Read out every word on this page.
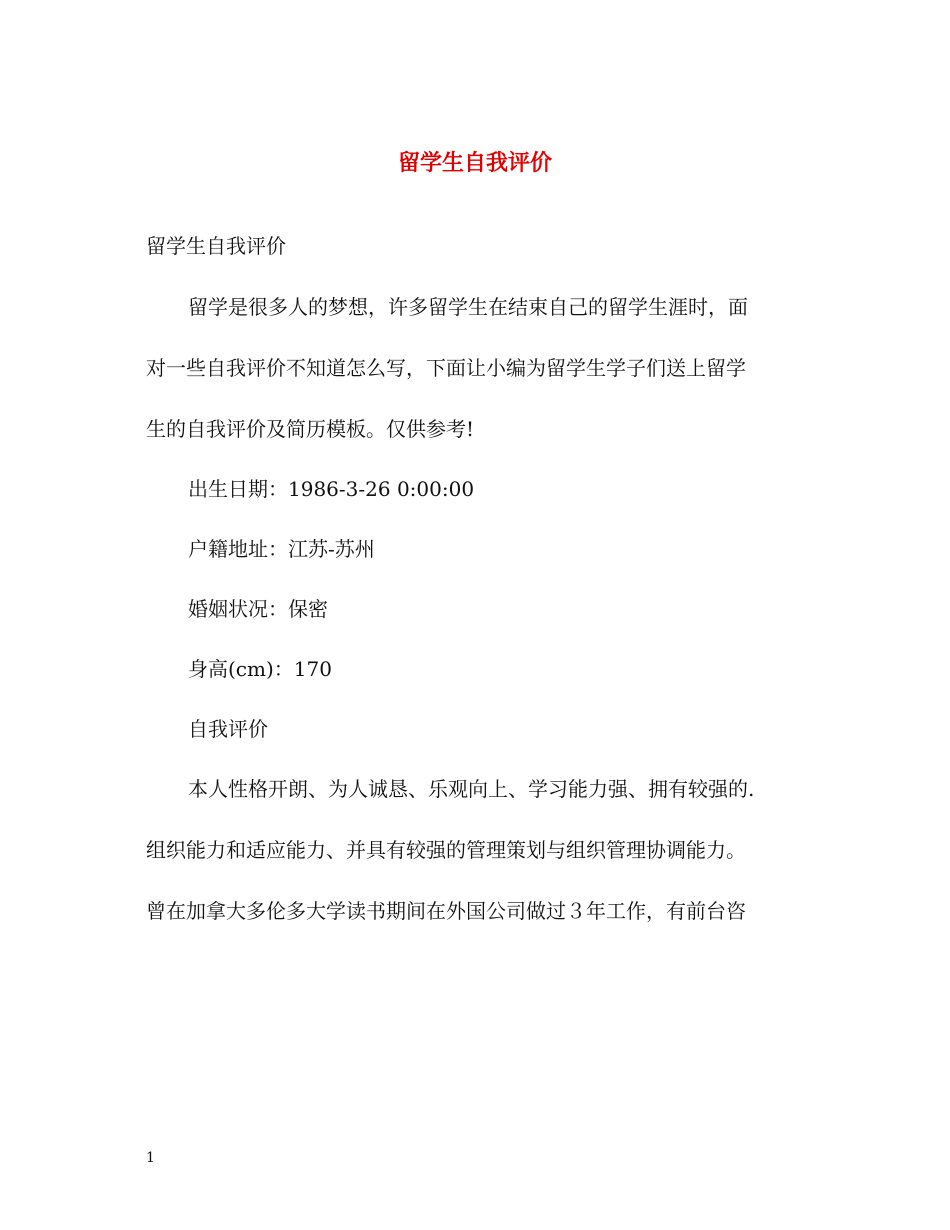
留学生自我评价

留学生自我评价

留学是很多人的梦想，许多留学生在结束自己的留学生涯时，面

对一些自我评价不知道怎么写，下面让小编为留学生学子们送上留学

生的自我评价及简历模板。仅供参考!

出生日期：1986-3-26 0:00:00

户籍地址：江苏-苏州

婚姻状况：保密

身高(cm)：170

自我评价

本人性格开朗、为人诚恳、乐观向上、学习能力强、拥有较强的.

组织能力和适应能力、并具有较强的管理策划与组织管理协调能力。

曾在加拿大多伦多大学读书期间在外国公司做过３年工作，有前台咨

1
